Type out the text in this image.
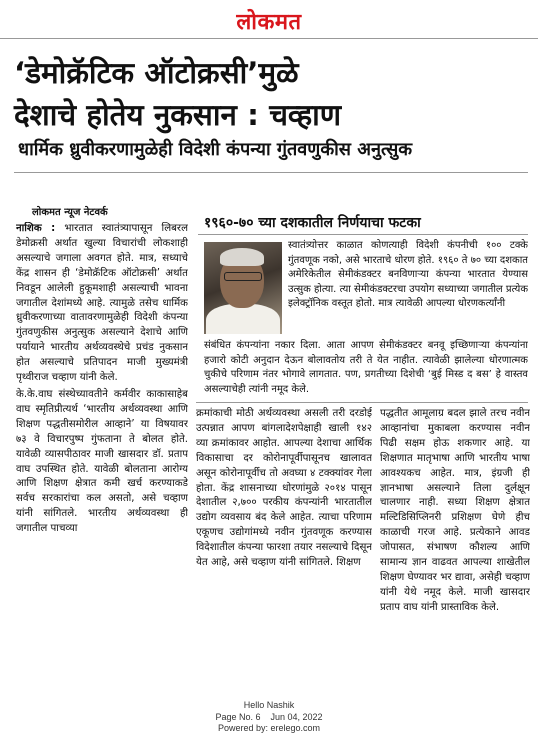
लोकमत
‘डेमोक्रॅटिक ऑटोक्रसी’मुळे
देशाचे होतेय नुकसान : चव्हाण
धार्मिक ध्रुवीकरणामुळेही विदेशी कंपन्या गुंतवणुकीस अनुत्सुक
लोकमत न्यूज नेटवर्क

नाशिक : भारतात स्वातंत्र्यापासून लिबरल डेमोक्रसी अर्थात खुल्या विचारांची लोकशाही असल्याचे जगाला अवगत होते. मात्र, सध्याचे केंद्र शासन ही ‘डेमोक्रॅटिक ऑटोक्रसी’ अर्थात निवडून आलेली हुकूमशाही असल्याची भावना जगातील देशांमध्ये आहे. त्यामुळे तसेच धार्मिक ध्रुवीकरणाच्या वातावरणामुळेही विदेशी कंपन्या गुंतवणुकीस अनुत्सुक असल्याने देशाचे आणि पर्यायाने भारतीय अर्थव्यवस्थेचे प्रचंड नुकसान होत असल्याचे प्रतिपादन माजी मुख्यमंत्री पृथ्वीराज चव्हाण यांनी केले.

के.के.वाघ संस्थेच्यावतीने कर्मवीर काकासाहेब वाघ स्मृतिप्रीत्यर्थ ‘भारतीय अर्थव्यवस्था आणि शिक्षण पद्धतीसमोरील आव्हाने’ या विषयावर ७३ वे विचारपुष्प गुंफताना ते बोलत होते. यावेळी व्यासपीठावर माजी खासदार डॉ. प्रताप वाघ उपस्थित होते. यावेळी बोलताना आरोग्य आणि शिक्षण क्षेत्रात कमी खर्च करण्याकडे सर्वच सरकारांचा कल असतो, असे चव्हाण यांनी सांगितले. भारतीय अर्थव्यवस्था ही जगातील पाचव्या

१९६०-७० च्या दशकातील निर्णयाचा फटका
स्वातंत्र्योत्तर काळात कोणत्याही विदेशी कंपनीची १०० टक्के गुंतवणूक नको, असे भारताचे धोरण होते. १९६० ते ७० च्या दशकात अमेरिकेतील सेमीकंडक्टर बनविणाऱ्या कंपन्या भारतात येण्यास उत्सुक होत्या. त्या सेमीकंडक्टरचा उपयोग सध्याच्या जगातील प्रत्येक इलेक्ट्रॉनिक वस्तूत होतो. मात्र त्यावेळी आपल्या धोरणकर्त्यांनी
संबंधित कंपन्यांना नकार दिला. आता आपण सेमीकंडक्टर बनवू इच्छिणाऱ्या कंपन्यांना हजारो कोटी अनुदान देऊन बोलावतोय तरी ते येत नाहीत. त्यावेळी झालेल्या धोरणात्मक चुकीचे परिणाम नंतर भोगावे लागतात. पण, प्रगतीच्या दिशेची ‘बुई मिस्ड द बस’ हे वास्तव असल्याचेही त्यांनी नमूद केले.

क्रमांकाची मोठी अर्थव्यवस्था असली तरी दरडोई उत्पन्नात आपण बांगलादेशपेक्षाही खाली १४२ व्या क्रमांकावर आहोत. आपल्या देशाचा आर्थिक विकासाचा दर कोरोनापूर्वीपासूनच खालावत असून कोरोनापूर्वीच तो अवघ्या ४ टक्क्यांवर गेला होता. केंद्र शासनाच्या धोरणांमुळे २०१४ पासून देशातील २,७०० परकीय कंपन्यांनी भारतातील उद्योग व्यवसाय बंद केले आहेत. त्याचा परिणाम एकूणच उद्योगांमध्ये नवीन गुंतवणूक करण्यास विदेशातील कंपन्या फारशा तयार नसल्याचे दिसून येत आहे, असे चव्हाण यांनी सांगितले. शिक्षण

पद्धतीत आमूलाग्र बदल झाले तरच नवीन आव्हानांचा मुकाबला करण्यास नवीन पिढी सक्षम होऊ शकणार आहे. या शिक्षणात मातृभाषा आणि भारतीय भाषा आवश्यकच आहेत. मात्र, इंग्रजी ही ज्ञानभाषा असल्याने तिला दुर्लक्षून चालणार नाही. सध्या शिक्षण क्षेत्रात मल्टिडिसिप्लिनरी प्रशिक्षण घेणे हीच काळाची गरज आहे. प्रत्येकाने आवड जोपासत, संभाषण कौशल्य आणि सामान्य ज्ञान वाढवत आपल्या शाखेतील शिक्षण घेण्यावर भर द्यावा, असेही चव्हाण यांनी येथे नमूद केले. माजी खासदार प्रताप वाघ यांनी प्रास्ताविक केले.

Hello Nashik
Page No. 6    Jun 04, 2022
Powered by: erelego.com
